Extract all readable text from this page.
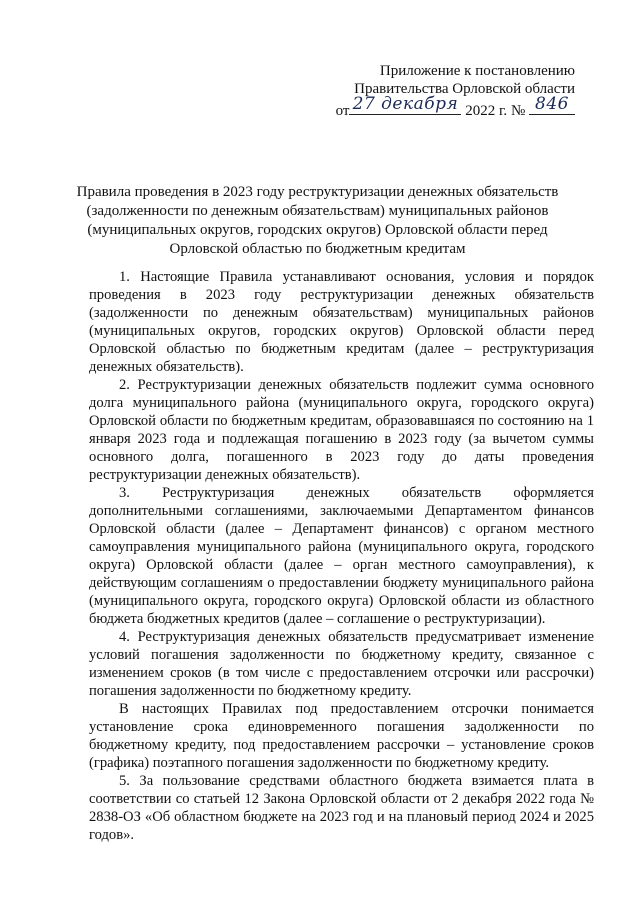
Приложение к постановлению
Правительства Орловской области
от 27 декабря 2022 г. № 846
Правила проведения в 2023 году реструктуризации денежных обязательств
(задолженности по денежным обязательствам) муниципальных районов
(муниципальных округов, городских округов) Орловской области перед
Орловской областью по бюджетным кредитам

1. Настоящие Правила устанавливают основания, условия и порядок проведения в 2023 году реструктуризации денежных обязательств (задолженности по денежным обязательствам) муниципальных районов (муниципальных округов, городских округов) Орловской области перед Орловской областью по бюджетным кредитам (далее – реструктуризация денежных обязательств).

2. Реструктуризации денежных обязательств подлежит сумма основного долга муниципального района (муниципального округа, городского округа) Орловской области по бюджетным кредитам, образовавшаяся по состоянию на 1 января 2023 года и подлежащая погашению в 2023 году (за вычетом суммы основного долга, погашенного в 2023 году до даты проведения реструктуризации денежных обязательств).

3. Реструктуризация денежных обязательств оформляется дополнительными соглашениями, заключаемыми Департаментом финансов Орловской области (далее – Департамент финансов) с органом местного самоуправления муниципального района (муниципального округа, городского округа) Орловской области (далее – орган местного самоуправления), к действующим соглашениям о предоставлении бюджету муниципального района (муниципального округа, городского округа) Орловской области из областного бюджета бюджетных кредитов (далее – соглашение о реструктуризации).

4. Реструктуризация денежных обязательств предусматривает изменение условий погашения задолженности по бюджетному кредиту, связанное с изменением сроков (в том числе с предоставлением отсрочки или рассрочки) погашения задолженности по бюджетному кредиту.

В настоящих Правилах под предоставлением отсрочки понимается установление срока единовременного погашения задолженности по бюджетному кредиту, под предоставлением рассрочки – установление сроков (графика) поэтапного погашения задолженности по бюджетному кредиту.

5. За пользование средствами областного бюджета взимается плата в соответствии со статьей 12 Закона Орловской области от 2 декабря 2022 года № 2838-ОЗ «Об областном бюджете на 2023 год и на плановый период 2024 и 2025 годов».
